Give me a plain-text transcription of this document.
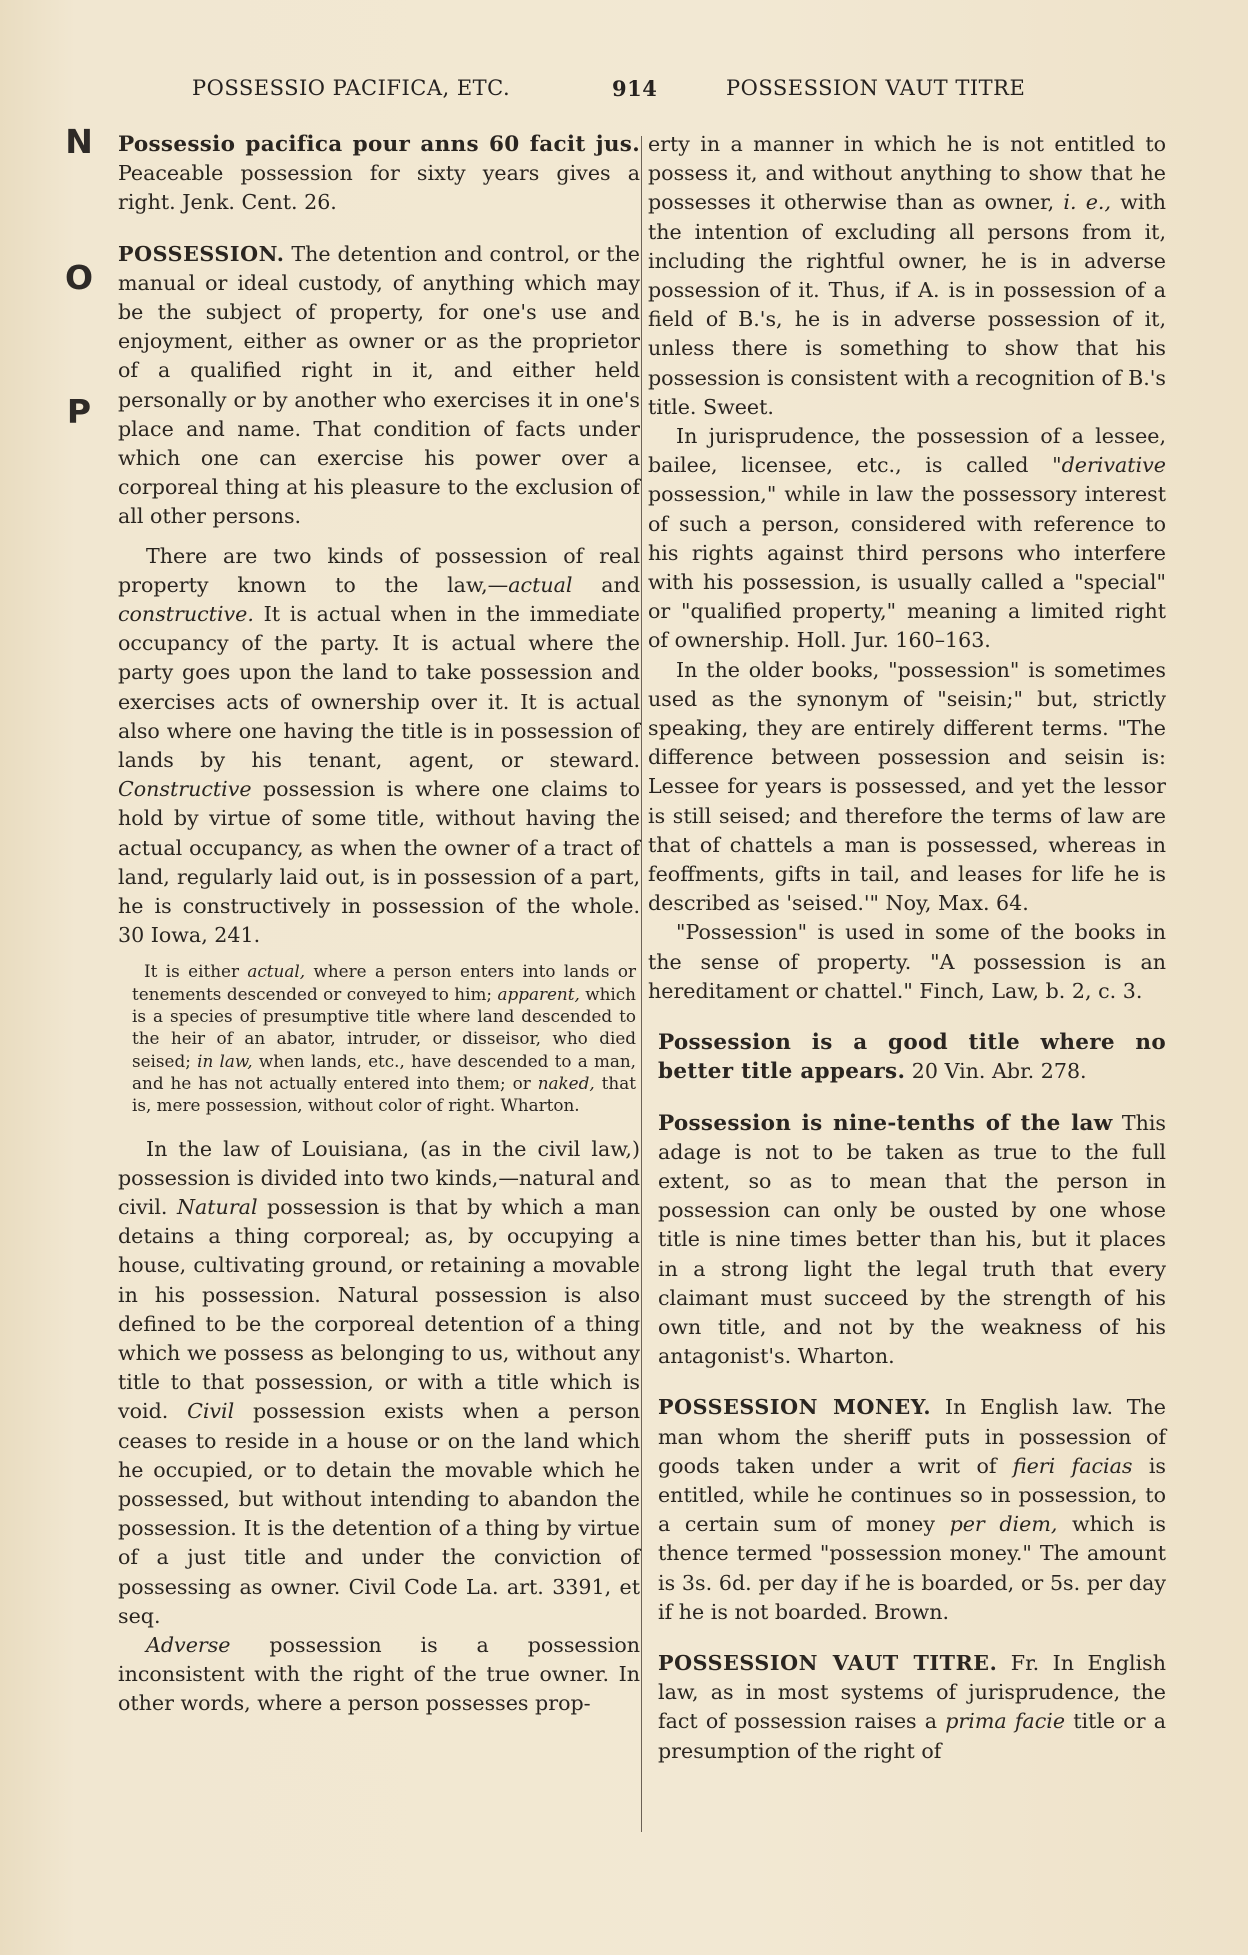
POSSESSIO PACIFICA, ETC.	914	POSSESSION VAUT TITRE
N
O
P

Possessio pacifica pour anns 60 facit jus. Peaceable possession for sixty years gives a right. Jenk. Cent. 26.

POSSESSION. The detention and control, or the manual or ideal custody, of anything which may be the subject of property, for one's use and enjoyment, either as owner or as the proprietor of a qualified right in it, and either held personally or by another who exercises it in one's place and name. That condition of facts under which one can exercise his power over a corporeal thing at his pleasure to the exclusion of all other persons.

There are two kinds of possession of real property known to the law,—actual and constructive. It is actual when in the immediate occupancy of the party. It is actual where the party goes upon the land to take possession and exercises acts of ownership over it. It is actual also where one having the title is in possession of lands by his tenant, agent, or steward. Constructive possession is where one claims to hold by virtue of some title, without having the actual occupancy, as when the owner of a tract of land, regularly laid out, is in possession of a part, he is constructively in possession of the whole. 30 Iowa, 241.

It is either actual, where a person enters into lands or tenements descended or conveyed to him; apparent, which is a species of presumptive title where land descended to the heir of an abator, intruder, or disseisor, who died seised; in law, when lands, etc., have descended to a man, and he has not actually entered into them; or naked, that is, mere possession, without color of right. Wharton.

In the law of Louisiana, (as in the civil law,) possession is divided into two kinds,—natural and civil. Natural possession is that by which a man detains a thing corporeal; as, by occupying a house, cultivating ground, or retaining a movable in his possession. Natural possession is also defined to be the corporeal detention of a thing which we possess as belonging to us, without any title to that possession, or with a title which is void. Civil possession exists when a person ceases to reside in a house or on the land which he occupied, or to detain the movable which he possessed, but without intending to abandon the possession. It is the detention of a thing by virtue of a just title and under the conviction of possessing as owner. Civil Code La. art. 3391, et seq.

Adverse possession is a possession inconsistent with the right of the true owner. In other words, where a person possesses prop-

erty in a manner in which he is not entitled to possess it, and without anything to show that he possesses it otherwise than as owner, i. e., with the intention of excluding all persons from it, including the rightful owner, he is in adverse possession of it. Thus, if A. is in possession of a field of B.'s, he is in adverse possession of it, unless there is something to show that his possession is consistent with a recognition of B.'s title. Sweet.

In jurisprudence, the possession of a lessee, bailee, licensee, etc., is called "derivative possession," while in law the possessory interest of such a person, considered with reference to his rights against third persons who interfere with his possession, is usually called a "special" or "qualified property," meaning a limited right of ownership. Holl. Jur. 160–163.

In the older books, "possession" is sometimes used as the synonym of "seisin;" but, strictly speaking, they are entirely different terms. "The difference between possession and seisin is: Lessee for years is possessed, and yet the lessor is still seised; and therefore the terms of law are that of chattels a man is possessed, whereas in feoffments, gifts in tail, and leases for life he is described as 'seised.'" Noy, Max. 64.

"Possession" is used in some of the books in the sense of property. "A possession is an hereditament or chattel." Finch, Law, b. 2, c. 3.

Possession is a good title where no better title appears. 20 Vin. Abr. 278.

Possession is nine-tenths of the law This adage is not to be taken as true to the full extent, so as to mean that the person in possession can only be ousted by one whose title is nine times better than his, but it places in a strong light the legal truth that every claimant must succeed by the strength of his own title, and not by the weakness of his antagonist's. Wharton.

POSSESSION MONEY. In English law. The man whom the sheriff puts in possession of goods taken under a writ of fieri facias is entitled, while he continues so in possession, to a certain sum of money per diem, which is thence termed "possession money." The amount is 3s. 6d. per day if he is boarded, or 5s. per day if he is not boarded. Brown.

POSSESSION VAUT TITRE. Fr. In English law, as in most systems of jurisprudence, the fact of possession raises a prima facie title or a presumption of the right of
